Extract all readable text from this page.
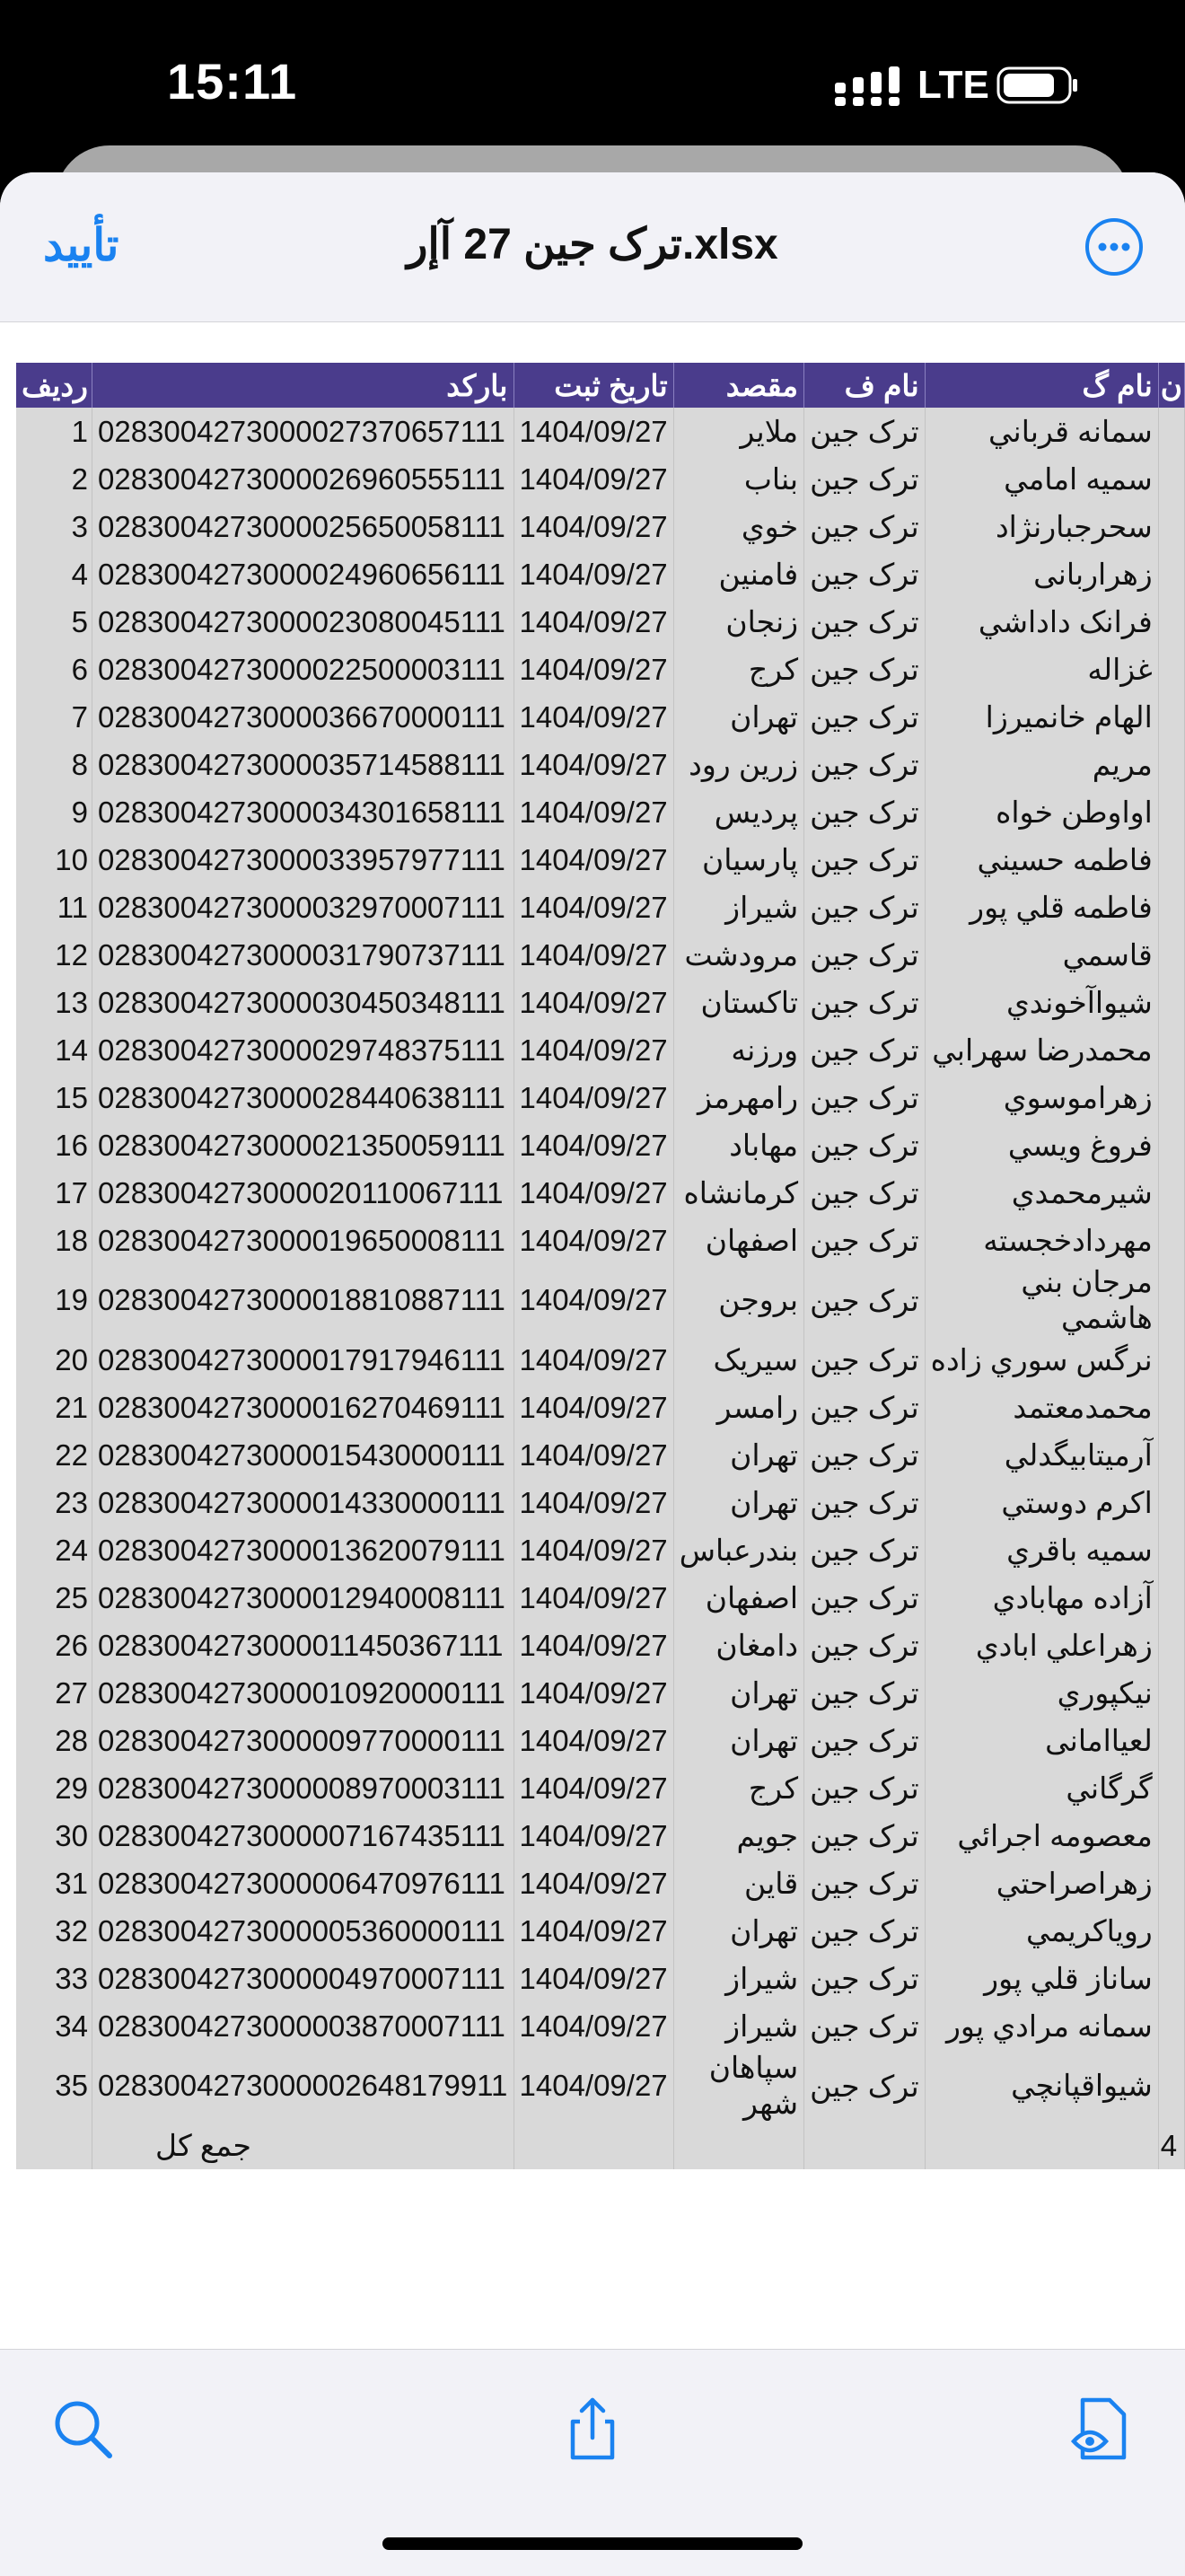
15:11	LTE
تأیید	ترک جين 27 آإر.xlsx
رديف	باركد	تاريخ ثبت	مقصد	نام ف	نام گ	ن
1	0283004273000027370657111	1404/09/27	ملاير	ترک جين	سمانه قرباني	
2	0283004273000026960555111	1404/09/27	بناب	ترک جين	سميه امامي	
3	0283004273000025650058111	1404/09/27	خوي	ترک جين	سحرجبارنژاد	
4	0283004273000024960656111	1404/09/27	فامنين	ترک جين	زهراربانی	
5	0283004273000023080045111	1404/09/27	زنجان	ترک جين	فرانک داداشي	
6	0283004273000022500003111	1404/09/27	کرج	ترک جين	غزاله	
7	0283004273000036670000111	1404/09/27	تهران	ترک جين	الهام خانميرزا	
8	0283004273000035714588111	1404/09/27	زرين رود	ترک جين	مريم	
9	0283004273000034301658111	1404/09/27	پرديس	ترک جين	اواوطن خواه	
10	0283004273000033957977111	1404/09/27	پارسيان	ترک جين	فاطمه حسيني	
11	0283004273000032970007111	1404/09/27	شيراز	ترک جين	فاطمه قلي پور	
12	0283004273000031790737111	1404/09/27	مرودشت	ترک جين	قاسمي	
13	0283004273000030450348111	1404/09/27	تاکستان	ترک جين	شيواآخوندي	
14	0283004273000029748375111	1404/09/27	ورزنه	ترک جين	محمدرضا سهرابي	
15	0283004273000028440638111	1404/09/27	رامهرمز	ترک جين	زهراموسوي	
16	0283004273000021350059111	1404/09/27	مهاباد	ترک جين	فروغ ويسي	
17	0283004273000020110067111	1404/09/27	کرمانشاه	ترک جين	شيرمحمدي	
18	0283004273000019650008111	1404/09/27	اصفهان	ترک جين	مهردادخجسته	
19	0283004273000018810887111	1404/09/27	بروجن	ترک جين	مرجان بني هاشمي	
20	0283004273000017917946111	1404/09/27	سيريک	ترک جين	نرگس سوري زاده	
21	0283004273000016270469111	1404/09/27	رامسر	ترک جين	محمدمعتمد	
22	0283004273000015430000111	1404/09/27	تهران	ترک جين	آرميتابيگدلي	
23	0283004273000014330000111	1404/09/27	تهران	ترک جين	اکرم دوستي	
24	0283004273000013620079111	1404/09/27	بندرعباس	ترک جين	سميه باقري	
25	0283004273000012940008111	1404/09/27	اصفهان	ترک جين	آزاده مهابادي	
26	0283004273000011450367111	1404/09/27	دامغان	ترک جين	زهراعلي ابادي	
27	0283004273000010920000111	1404/09/27	تهران	ترک جين	نيکپوري	
28	0283004273000009770000111	1404/09/27	تهران	ترک جين	لعياامانی	
29	0283004273000008970003111	1404/09/27	کرج	ترک جين	گرگاني	
30	0283004273000007167435111	1404/09/27	جويم	ترک جين	معصومه اجرائي	
31	0283004273000006470976111	1404/09/27	قاين	ترک جين	زهراصراحتي	
32	0283004273000005360000111	1404/09/27	تهران	ترک جين	روياکريمي	
33	0283004273000004970007111	1404/09/27	شيراز	ترک جين	ساناز قلي پور	
34	0283004273000003870007111	1404/09/27	شيراز	ترک جين	سمانه مرادي پور	
35	0283004273000002648179911	1404/09/27	سپاهان شهر	ترک جين	شيواقپانچي	
	جمع کل					4
